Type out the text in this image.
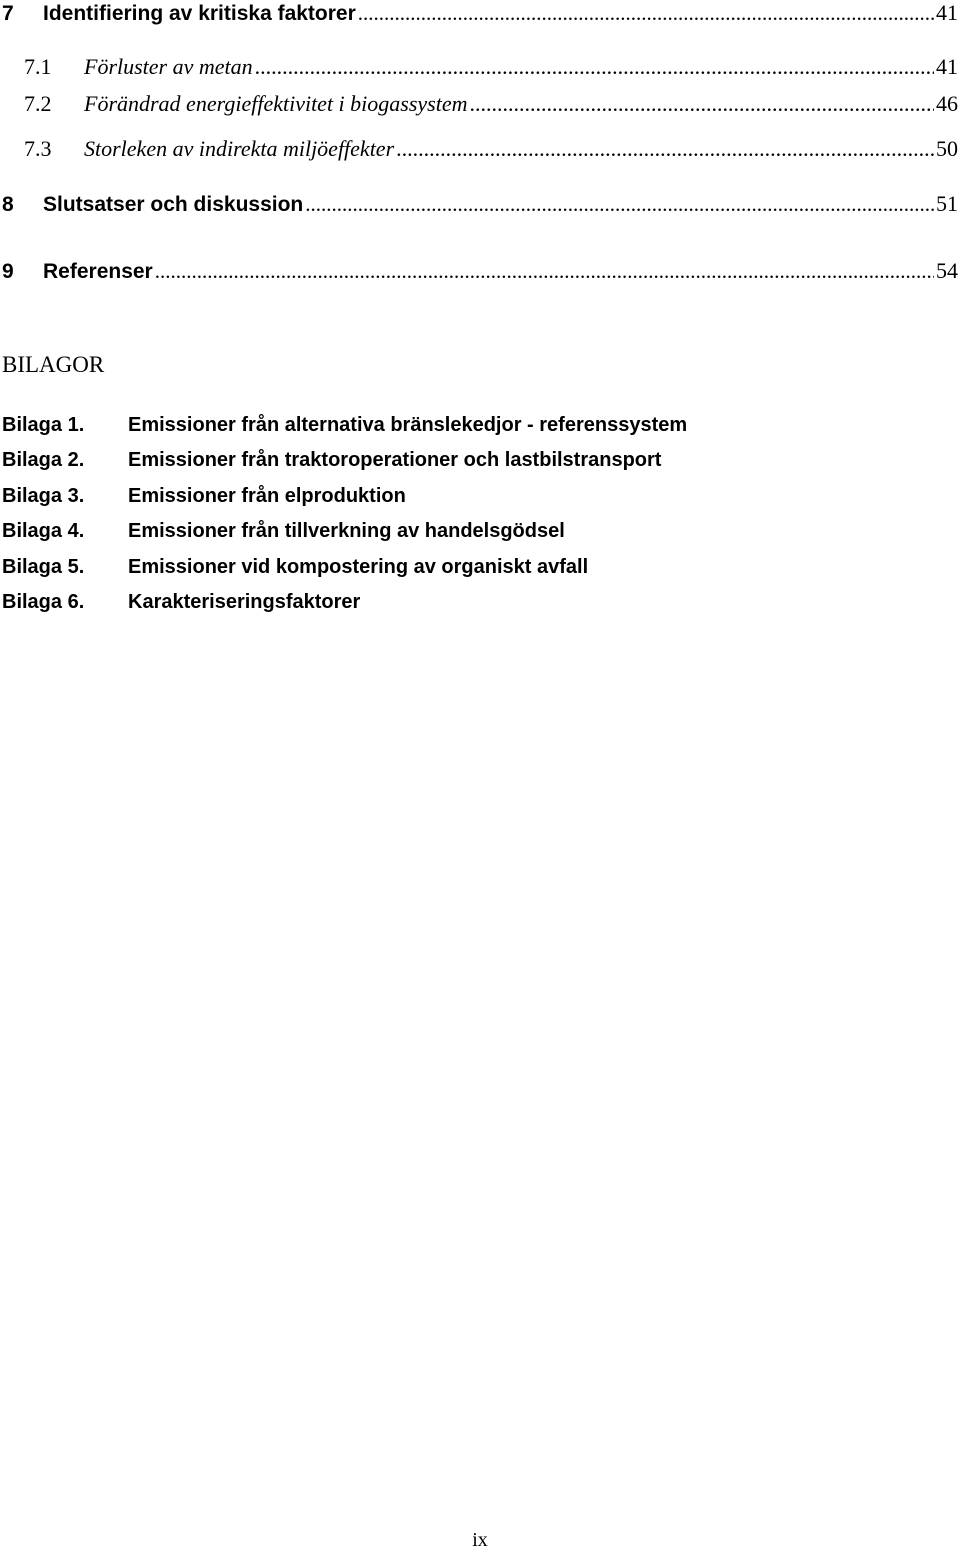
7	Identifiering av kritiska faktorer .....	41
7.1	Förluster av metan .....	41
7.2	Förändrad energieffektivitet i biogassystem .....	46
7.3	Storleken av indirekta miljöeffekter .....	50
8	Slutsatser och diskussion .....	51
9	Referenser .....	54
BILAGOR
Bilaga 1. Emissioner från alternativa bränslekedjor - referenssystem
Bilaga 2. Emissioner från traktoroperationer och lastbilstransport
Bilaga 3. Emissioner från elproduktion
Bilaga 4. Emissioner från tillverkning av handelsgödsel
Bilaga 5. Emissioner vid kompostering av organiskt avfall
Bilaga 6. Karakteriseringsfaktorer
ix
